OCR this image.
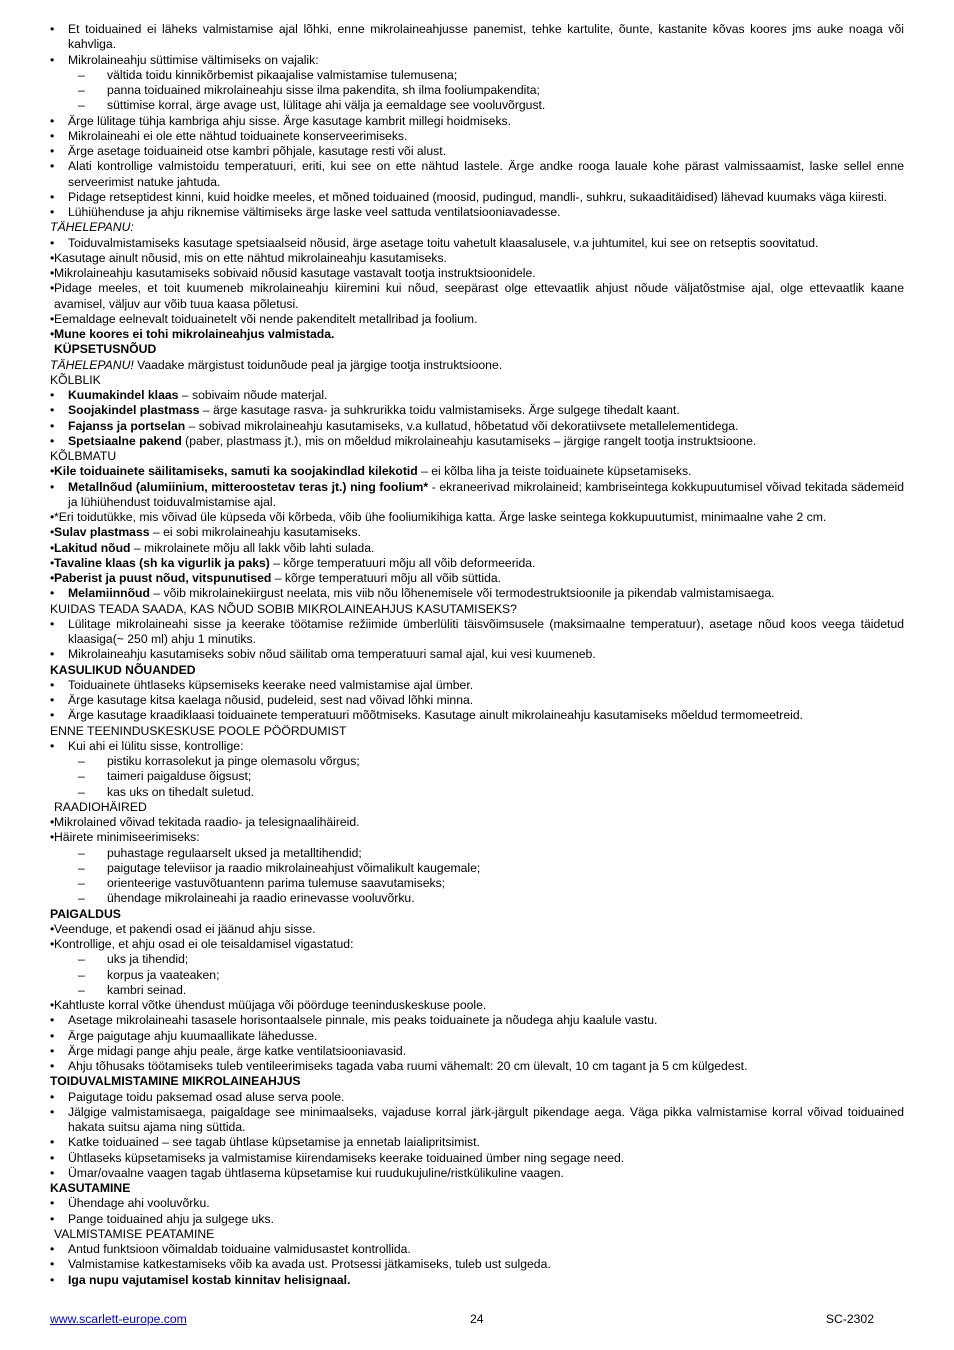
• Et toiduained ei läheks valmistamise ajal lõhki, enne mikrolaineahjusse panemist, tehke kartulite, õunte, kastanite kõvas koores jms auke noaga või kahvliga.
• Mikrolaineahju süttimise vältimiseks on vajalik:
– vältida toidu kinnikõrbemist pikaajalise valmistamise tulemusena;
– panna toiduained mikrolaineahju sisse ilma pakendita, sh ilma fooliumpakendita;
– süttimise korral, ärge avage ust, lülitage ahi välja ja eemaldage see vooluvõrgust.
• Ärge lülitage tühja kambriga ahju sisse. Ärge kasutage kambrit millegi hoidmiseks.
• Mikrolaineahi ei ole ette nähtud toiduainete konserveerimiseks.
• Ärge asetage toiduaineid otse kambri põhjale, kasutage resti või alust.
• Alati kontrollige valmistoidu temperatuuri, eriti, kui see on ette nähtud lastele. Ärge andke rooga lauale kohe pärast valmissaamist, laske sellel enne serveerimist natuke jahtuda.
• Pidage retseptidest kinni, kuid hoidke meeles, et mõned toiduained (moosid, pudingud, mandli-, suhkru, sukaaditäidised) lähevad kuumaks väga kiiresti.
• Lühiühenduse ja ahju riknemise vältimiseks ärge laske veel sattuda ventilatsiooniavadesse.
TÄHELEPANU:
• Toiduvalmistamiseks kasutage spetsiaalseid nõusid, ärge asetage toitu vahetult klaasalusele, v.a juhtumitel, kui see on retseptis soovitatud.
• Kasutage ainult nõusid, mis on ette nähtud mikrolaineahju kasutamiseks.
• Mikrolaineahju kasutamiseks sobivaid nõusid kasutage vastavalt tootja instruktsioonidele.
• Pidage meeles, et toit kuumeneb mikrolaineahju kiiremini kui nõud, seepärast olge ettevaatlik ahjust nõude väljatõstmise ajal, olge ettevaatlik kaane avamisel, väljuv aur võib tuua kaasa põletusi.
• Eemaldage eelnevalt toiduainetelt või nende pakenditelt metallribad ja foolium.
• Mune koores ei tohi mikrolaineahjus valmistada.
KÜPSETUSNÕUD
TÄHELEPANU! Vaadake märgistust toidunõude peal ja järgige tootja instruktsioone.
KÕLBLIK
• Kuumakindel klaas – sobivaim nõude materjal.
• Soojakindel plastmass – ärge kasutage rasva- ja suhkrurikka toidu valmistamiseks. Ärge sulgege tihedalt kaant.
• Fajanss ja portselan – sobivad mikrolaineahju kasutamiseks, v.a kullatud, hõbetatud või dekoratiivsete metallelementidega.
• Spetsiaalne pakend (paber, plastmass jt.), mis on mõeldud mikrolaineahju kasutamiseks – järgige rangelt tootja instruktsioone.
KÕLBMATU
• Kile toiduainete säilitamiseks, samuti ka soojakindlad kilekotid – ei kõlba liha ja teiste toiduainete küpsetamiseks.
• Metallnõud (alumiinium, mitteroostetav teras jt.) ning foolium* - ekraneerivad mikrolaineid; kambriseintega kokkupuutumisel võivad tekitada sädemeid ja lühiühendust toiduvalmistamise ajal.
• *Eri toidutükke, mis võivad üle küpseda või kõrbeda, võib ühe fooliumikihiga katta. Ärge laske seintega kokkupuutumist, minimaalne vahe 2 cm.
• Sulav plastmass – ei sobi mikrolaineahju kasutamiseks.
• Lakitud nõud – mikrolainete mõju all lakk võib lahti sulada.
• Tavaline klaas (sh ka vigurlik ja paks) – kõrge temperatuuri mõju all võib deformeerida.
• Paberist ja puust nõud, vitspunutised – kõrge temperatuuri mõju all võib süttida.
• Melamiinnõud – võib mikrolainekiirgust neelata, mis viib nõu lõhenemisele või termodestruktsioonile ja pikendab valmistamisaega.
KUIDAS TEADA SAADA, KAS NÕUD SOBIB MIKROLAINEAHJUS KASUTAMISEKS?
• Lülitage mikrolaineahi sisse ja keerake töötamise režiimide ümberlüliti täisvõimsusele (maksimaalne temperatuur), asetage nõud koos veega täidetud klaasiga(~ 250 ml) ahju 1 minutiks.
• Mikrolaineahju kasutamiseks sobiv nõud säilitab oma temperatuuri samal ajal, kui vesi kuumeneb.
KASULIKUD NÕUANDED
• Toiduainete ühtlaseks küpsemiseks keerake need valmistamise ajal ümber.
• Ärge kasutage kitsa kaelaga nõusid, pudeleid, sest nad võivad lõhki minna.
• Ärge kasutage kraadiklaasi toiduainete temperatuuri mõõtmiseks. Kasutage ainult mikrolaineahju kasutamiseks mõeldud termomeetreid.
ENNE TEENINDUSKESKUSE POOLE PÖÖRDUMIST
• Kui ahi ei lülitu sisse, kontrollige:
– pistiku korrasolekut ja pinge olemasolu võrgus;
– taimeri paigalduse õigsust;
– kas uks on tihedalt suletud.
RAADIOHÄIRED
• Mikrolained võivad tekitada raadio- ja telesignaalihäireid.
• Häirete minimiseerimiseks:
– puhastage regulaarselt uksed ja metalltihendid;
– paigutage televiisor ja raadio mikrolaineahjust võimalikult kaugemale;
– orienteerige vastuvõtuantenn parima tulemuse saavutamiseks;
– ühendage mikrolaineahi ja raadio erinevasse vooluvõrku.
PAIGALDUS
• Veenduge, et pakendi osad ei jäänud ahju sisse.
• Kontrollige, et ahju osad ei ole teisaldamisel vigastatud:
– uks ja tihendid;
– korpus ja vaateaken;
– kambri seinad.
• Kahtluste korral võtke ühendust müüjaga või pöörduge teeninduskeskuse poole.
• Asetage mikrolaineahi tasasele horisontaalsele pinnale, mis peaks toiduainete ja nõudega ahju kaalule vastu.
• Ärge paigutage ahju kuumaallikate lähedusse.
• Ärge midagi pange ahju peale, ärge katke ventilatsiooniavasid.
• Ahju tõhusaks töötamiseks tuleb ventileerimiseks tagada vaba ruumi vähemalt: 20 cm ülevalt, 10 cm tagant ja 5 cm külgedest.
TOIDUVALMISTAMINE MIKROLAINEAHJUS
• Paigutage toidu paksemad osad aluse serva poole.
• Jälgige valmistamisaega, paigaldage see minimaalseks, vajaduse korral järk-järgult pikendage aega. Väga pikka valmistamise korral võivad toiduained hakata suitsu ajama ning süttida.
• Katke toiduained – see tagab ühtlase küpsetamise ja ennetab laialipritsimist.
• Ühtlaseks küpsetamiseks ja valmistamise kiirendamiseks keerake toiduained ümber ning segage need.
• Ümar/ovaalne vaagen tagab ühtlasema küpsetamise kui ruudukujuline/ristkülikuline vaagen.
KASUTAMINE
• Ühendage ahi vooluvõrku.
• Pange toiduained ahju ja sulgege uks.
VALMISTAMISE PEATAMINE
• Antud funktsioon võimaldab toiduaine valmidusastet kontrollida.
• Valmistamise katkestamiseks võib ka avada ust. Protsessi jätkamiseks, tuleb ust sulgeda.
• Iga nupu vajutamisel kostab kinnitav helisignaal.
www.scarlett-europe.com	24	SC-2302
